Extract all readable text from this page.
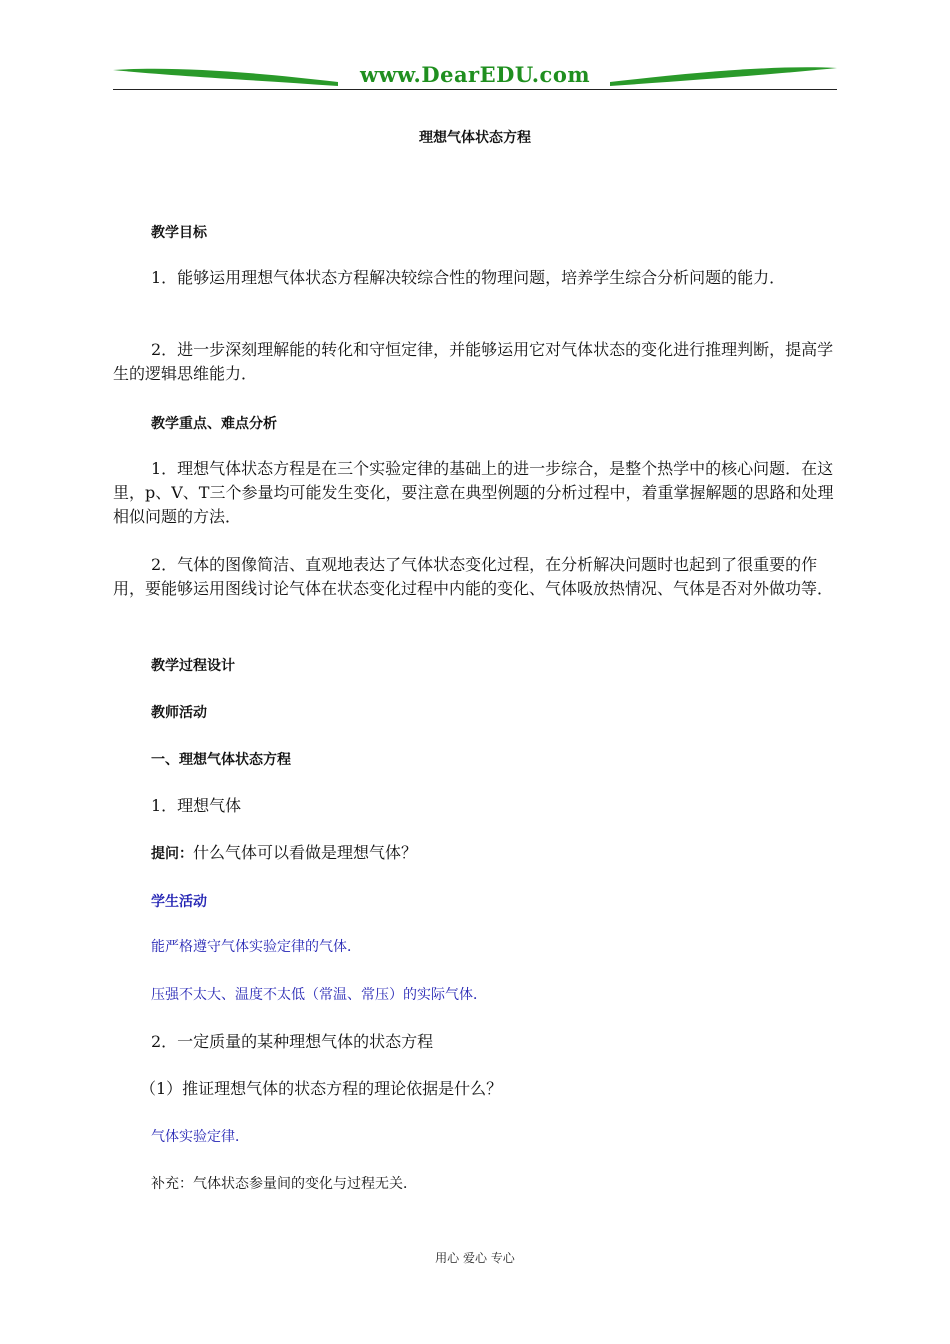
www.DearEDU.com
理想气体状态方程
教学目标

1．能够运用理想气体状态方程解决较综合性的物理问题，培养学生综合分析问题的能力．

2．进一步深刻理解能的转化和守恒定律，并能够运用它对气体状态的变化进行推理判断，提高学生的逻辑思维能力．

教学重点、难点分析

1．理想气体状态方程是在三个实验定律的基础上的进一步综合，是整个热学中的核心问题．在这里，p、V、T三个参量均可能发生变化，要注意在典型例题的分析过程中，着重掌握解题的思路和处理相似问题的方法．

2．气体的图像简洁、直观地表达了气体状态变化过程，在分析解决问题时也起到了很重要的作用，要能够运用图线讨论气体在状态变化过程中内能的变化、气体吸放热情况、气体是否对外做功等．

教学过程设计
教师活动
一、理想气体状态方程
1．理想气体
提问：什么气体可以看做是理想气体？
学生活动
能严格遵守气体实验定律的气体．
压强不太大、温度不太低（常温、常压）的实际气体．
2．一定质量的某种理想气体的状态方程
（1）推证理想气体的状态方程的理论依据是什么？
气体实验定律．
补充：气体状态参量间的变化与过程无关．
用心 爱心 专心
